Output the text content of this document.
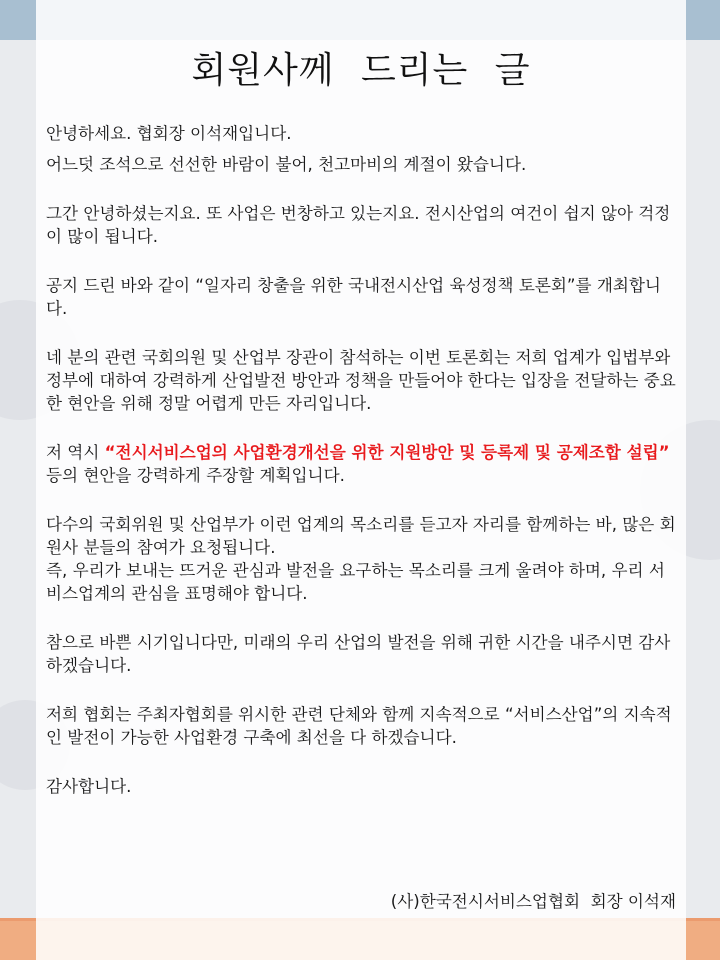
회원사께 드리는 글

안녕하세요. 협회장 이석재입니다.

어느덧 조석으로 선선한 바람이 불어, 천고마비의 계절이 왔습니다.

그간 안녕하셨는지요. 또 사업은 번창하고 있는지요. 전시산업의 여건이 쉽지 않아 걱정이 많이 됩니다.

공지 드린 바와 같이 “일자리 창출을 위한 국내전시산업 육성정책 토론회”를 개최합니다.

네 분의 관련 국회의원 및 산업부 장관이 참석하는 이번 토론회는 저희 업계가 입법부와 정부에 대하여 강력하게 산업발전 방안과 정책을 만들어야 한다는 입장을 전달하는 중요한 현안을 위해 정말 어렵게 만든 자리입니다.

저 역시 “전시서비스업의 사업환경개선을 위한 지원방안 및 등록제 및 공제조합 설립” 등의 현안을 강력하게 주장할 계획입니다.

다수의 국회위원 및 산업부가 이런 업계의 목소리를 듣고자 자리를 함께하는 바, 많은 회원사 분들의 참여가 요청됩니다.

즉, 우리가 보내는 뜨거운 관심과 발전을 요구하는 목소리를 크게 울려야 하며, 우리 서비스업계의 관심을 표명해야 합니다.

참으로 바쁜 시기입니다만, 미래의 우리 산업의 발전을 위해 귀한 시간을 내주시면 감사하겠습니다.

저희 협회는 주최자협회를 위시한 관련 단체와 함께 지속적으로 “서비스산업”의 지속적인 발전이 가능한 사업환경 구축에 최선을 다 하겠습니다.

감사합니다.

(사)한국전시서비스업협회  회장 이석재
